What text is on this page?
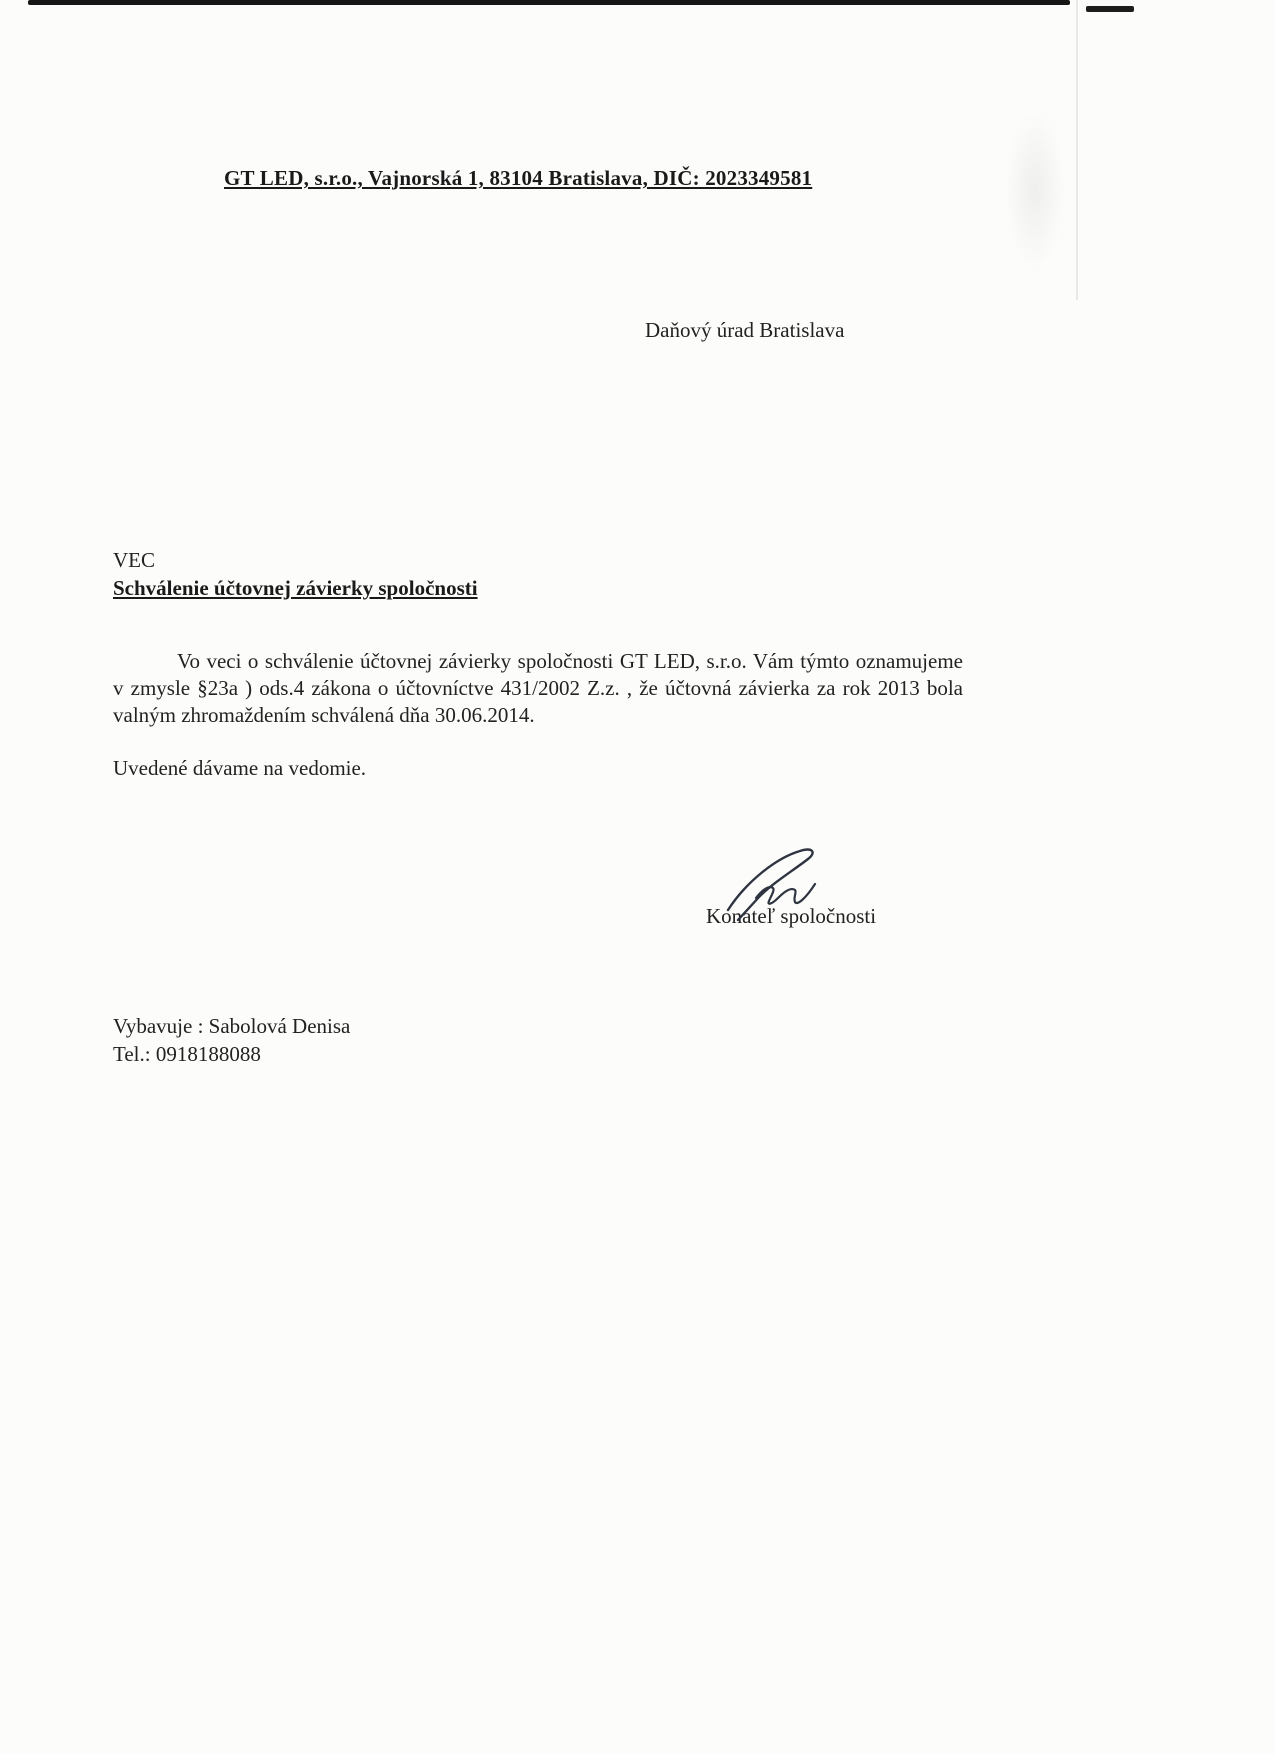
GT LED, s.r.o., Vajnorská 1, 83104 Bratislava, DIČ: 2023349581
Daňový úrad Bratislava
VEC
Schválenie účtovnej závierky spoločnosti

Vo veci o schválenie účtovnej závierky spoločnosti GT LED, s.r.o. Vám týmto oznamujeme v zmysle §23a ) ods.4 zákona o účtovníctve 431/2002 Z.z. , že účtovná závierka za rok 2013 bola valným zhromaždením schválená dňa 30.06.2014.

Uvedené dávame na vedomie.

Konateľ spoločnosti
Vybavuje : Sabolová Denisa
Tel.: 0918188088
